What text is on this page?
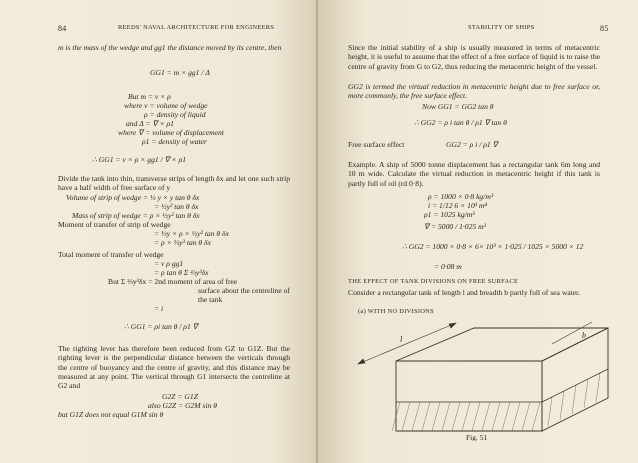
84	REEDS' NAVAL ARCHITECTURE FOR ENGINEERS
m is the mass of the wedge and gg1 the distance moved by its centre, then
GG1 = m × gg1 / Δ
But m = v × ρ
where v = volume of wedge
ρ = density of liquid
and Δ = ∇ × ρ1
where ∇ = volume of displacement
ρ1 = density of water
∴ GG1 = v × ρ × gg1 / ∇ × ρ1
Divide the tank into thin, transverse strips of length δx and let one such strip have a half width of free surface of y
Volume of strip of wedge = ½ y × y tan θ δx
= ½y² tan θ δx
Mass of strip of wedge = ρ × ½y² tan θ δx
Moment of transfer of strip of wedge
= ⅓y × ρ × ½y² tan θ δx
= ρ × ⅓y³ tan θ δx
Total moment of transfer of wedge
= v ρ gg1
= ρ tan θ Σ ⅔y³δx
But Σ ⅔y³δx = 2nd moment of area of free
surface about the centreline of
the tank
= i
∴ GG1 = ρi tan θ / ρ1 ∇
The righting lever has therefore been reduced from GZ to G1Z. But the righting lever is the perpendicular distance between the verticals through the centre of buoyancy and the centre of gravity, and this distance may be measured at any point. The vertical through G1 intersects the centreline at G2 and
G2Z = G1Z
also G2Z = G2M sin θ
but G1Z does not equal G1M sin θ
STABILITY OF SHIPS	85
Since the initial stability of a ship is usually measured in terms of metacentric height, it is useful to assume that the effect of a free surface of liquid is to raise the centre of gravity from G to G2, thus reducing the metacentric height of the vessel.
GG2 is termed the virtual reduction in metacentric height due to free surface or, more commonly, the free surface effect.
Now GG1 = GG2 tan θ
∴ GG2 = ρ i tan θ / ρ1 ∇ tan θ
Free surface effect	GG2 = ρ i / ρ1 ∇
Example. A ship of 5000 tonne displacement has a rectangular tank 6m long and 10 m wide. Calculate the virtual reduction in metacentric height if this tank is partly full of oil (rd 0·8).
ρ = 1000 × 0·8 kg/m³
i = 1/12 6 × 10³ m⁴
ρ1 = 1025 kg/m³
∇ = 5000 / 1·025 m³
∴ GG2 = 1000 × 0·8 × 6× 10³ × 1·025 / 1025 × 5000 × 12
= 0·08 m
THE EFFECT OF TANK DIVISIONS ON FREE SURFACE
Consider a rectangular tank of length l and breadth b partly full of sea water.
(a) WITH NO DIVISIONS
l	b
Fig. 51
